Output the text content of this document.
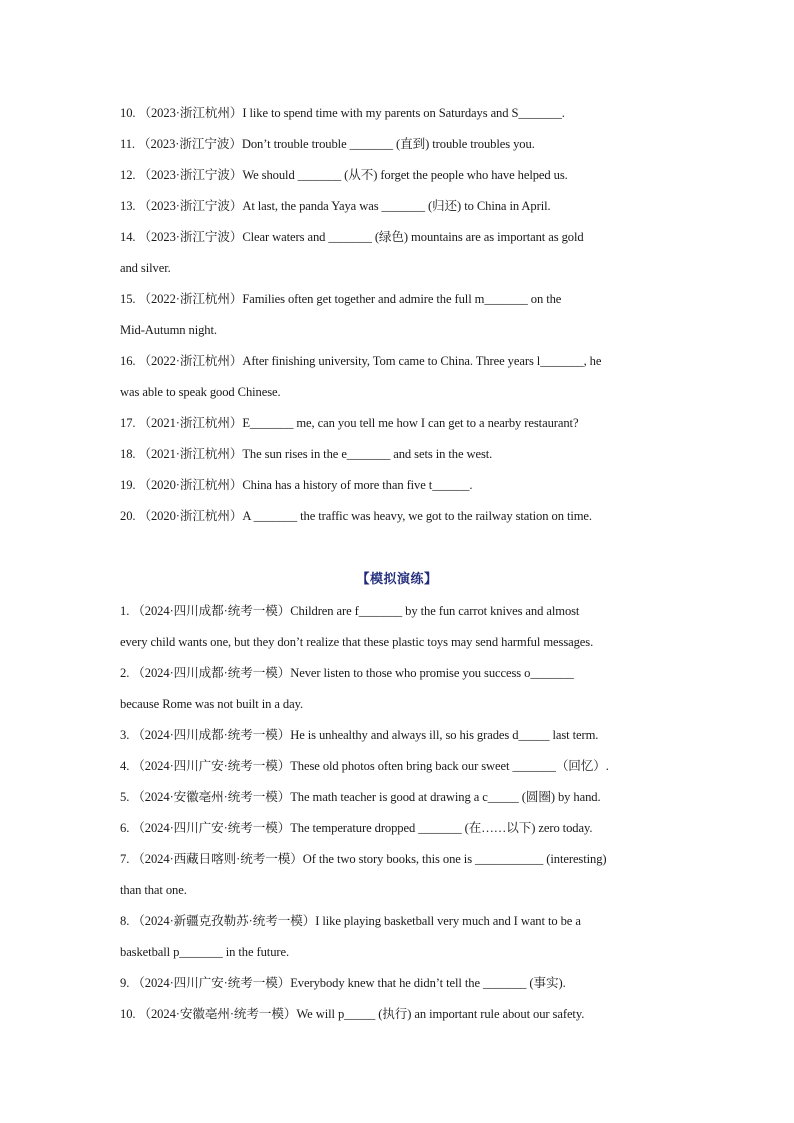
10. （2023·浙江杭州）I like to spend time with my parents on Saturdays and S_______.
11. （2023·浙江宁波）Don’t trouble trouble _______ (直到) trouble troubles you.
12. （2023·浙江宁波）We should _______ (从不) forget the people who have helped us.
13. （2023·浙江宁波）At last, the panda Yaya was _______ (归还) to China in April.
14. （2023·浙江宁波）Clear waters and _______ (绿色) mountains are as important as gold
and silver.
15. （2022·浙江杭州）Families often get together and admire the full m_______ on the
Mid-Autumn night.
16. （2022·浙江杭州）After finishing university, Tom came to China. Three years l_______, he
was able to speak good Chinese.
17. （2021·浙江杭州）E_______ me, can you tell me how I can get to a nearby restaurant?
18. （2021·浙江杭州）The sun rises in the e_______ and sets in the west.
19. （2020·浙江杭州）China has a history of more than five t______.
20. （2020·浙江杭州）A _______ the traffic was heavy, we got to the railway station on time.
【模拟演练】
1. （2024·四川成都·统考一模）Children are f_______ by the fun carrot knives and almost
every child wants one, but they don’t realize that these plastic toys may send harmful messages.
2. （2024·四川成都·统考一模）Never listen to those who promise you success o_______
because Rome was not built in a day.
3. （2024·四川成都·统考一模）He is unhealthy and always ill, so his grades d_____ last term.
4. （2024·四川广安·统考一模）These old photos often bring back our sweet _______（回忆）.
5. （2024·安徽亳州·统考一模）The math teacher is good at drawing a c_____ (圆圈) by hand.
6. （2024·四川广安·统考一模）The temperature dropped _______ (在……以下) zero today.
7. （2024·西藏日喀则·统考一模）Of the two story books, this one is ___________ (interesting)
than that one.
8. （2024·新疆克孜勒苏·统考一模）I like playing basketball very much and I want to be a
basketball p_______ in the future.
9. （2024·四川广安·统考一模）Everybody knew that he didn’t tell the _______ (事实).
10. （2024·安徽亳州·统考一模）We will p_____ (执行) an important rule about our safety.
